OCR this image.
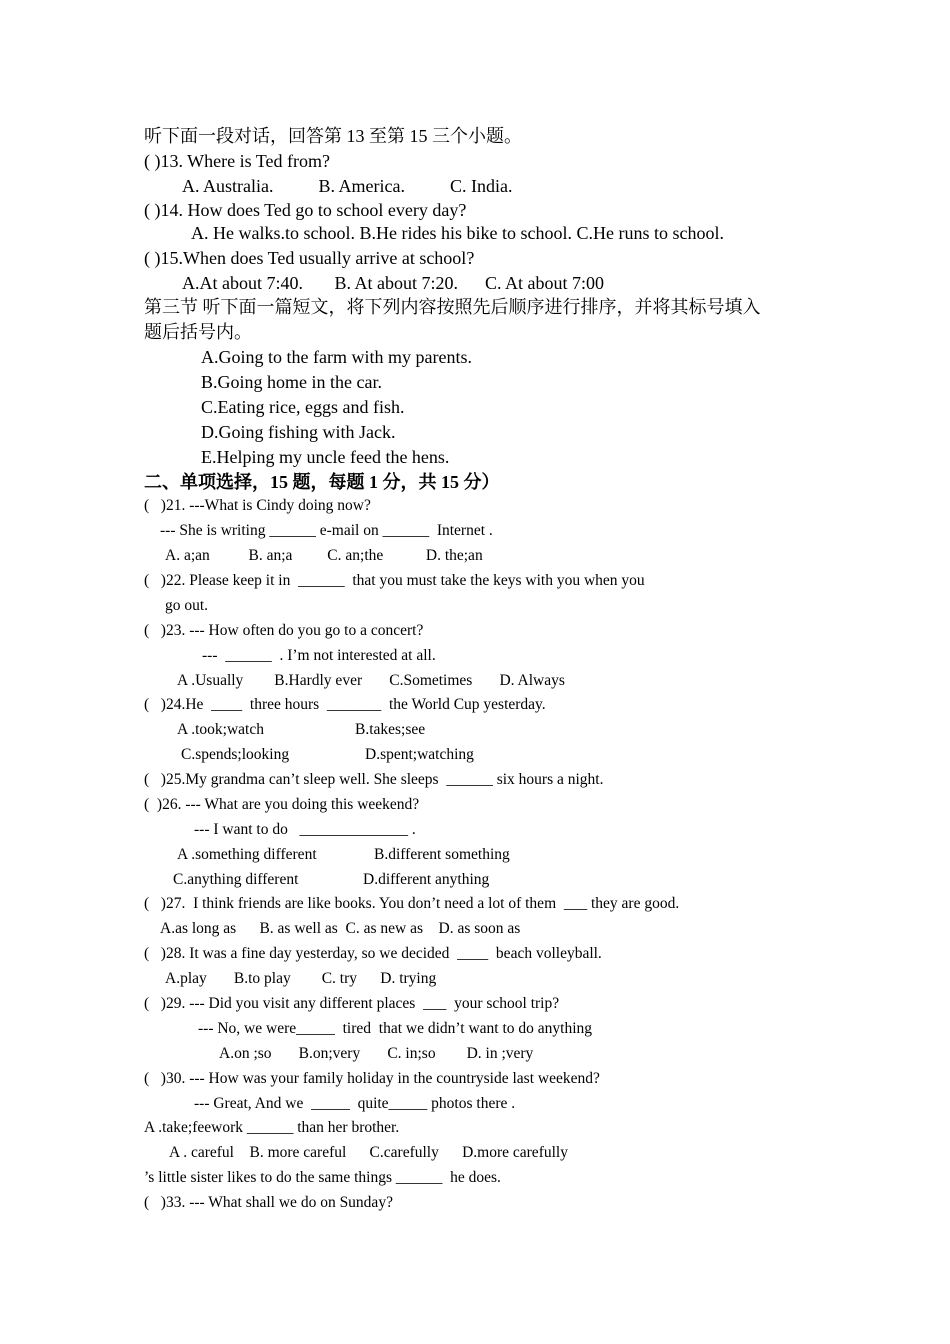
听下面一段对话，回答第 13 至第 15 三个小题。
( )13. Where is Ted from?
A. Australia.          B. America.          C. India.
( )14. How does Ted go to school every day?
A. He walks.to school. B.He rides his bike to school. C.He runs to school.
( )15.When does Ted usually arrive at school?
A.At about 7:40.       B. At about 7:20.      C. At about 7:00
第三节 听下面一篇短文，将下列内容按照先后顺序进行排序，并将其标号填入
题后括号内。
A.Going to the farm with my parents.
B.Going home in the car.
C.Eating rice, eggs and fish.
D.Going fishing with Jack.
E.Helping my uncle feed the hens.
二、单项选择，15 题，每题 1 分，共 15 分）
(   )21. ---What is Cindy doing now?
--- She is writing ______ e-mail on ______  Internet .
A. a;an          B. an;a         C. an;the           D. the;an
(   )22. Please keep it in  ______  that you must take the keys with you when you
go out.
(   )23. --- How often do you go to a concert?
---  ______  . I’m not interested at all.
A .Usually        B.Hardly ever       C.Sometimes       D. Always
(   )24.He  ____  three hours  _______  the World Cup yesterday.
A .took;watch	B.takes;see
C.spends;looking	D.spent;watching
(   )25.My grandma can’t sleep well. She sleeps  ______ six hours a night.
(  )26. --- What are you doing this weekend?
--- I want to do   ______________ .
A .something different	B.different something
C.anything different	D.different anything
(   )27.  I think friends are like books. You don’t need a lot of them  ___ they are good.
A.as long as      B. as well as  C. as new as    D. as soon as
(   )28. It was a fine day yesterday, so we decided  ____  beach volleyball.
A.play       B.to play        C. try      D. trying
(   )29. --- Did you visit any different places  ___  your school trip?
--- No, we were_____  tired  that we didn’t want to do anything
A.on ;so       B.on;very       C. in;so        D. in ;very
(   )30. --- How was your family holiday in the countryside last weekend?
--- Great, And we  _____  quite_____ photos there .
A .take;feework ______ than her brother.
A . careful    B. more careful      C.carefully      D.more carefully
’s little sister likes to do the same things ______  he does.
(   )33. --- What shall we do on Sunday?
